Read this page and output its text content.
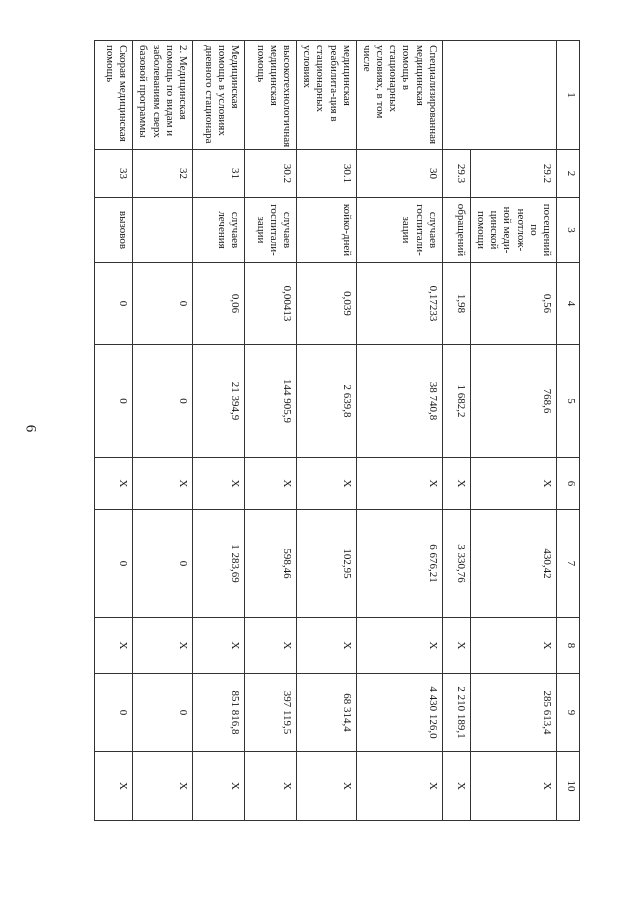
6
1	2	3	4	5	6	7	8	9	10
	29.2	посещений по неотлож-ной меди-цинской помощи	0,56	768,6	X	430,42	X	285 613,4	X
	29.3	обращений	1,98	1 682,2	X	3 330,76	X	2 210 189,1	X
Специализированная медицинская помощь в стационарных условиях, в том числе	30	случаев госпитали-зации	0,17233	38 740,8	X	6 676,21	X	4 430 126,0	X
медицинская реабилита-ция в стационарных условиях	30.1	койко-дней	0,039	2 639,8	X	102,95	X	68 314,4	X
высокотехнологичная медицинская помощь	30.2	случаев госпитали-зации	0,00413	144 905,9	X	598,46	X	397 119,5	X
Медицинская помощь в условиях дневного стационара	31	случаев лечения	0,06	21 394,9	X	1 283,69	X	851 816,8	X
2. Медицинская помощь по видам и заболеваниям сверх базовой программы	32		0	0	X	0	X	0	X
Скорая медицинская помощь	33	вызовов	0	0	X	0	X	0	X
